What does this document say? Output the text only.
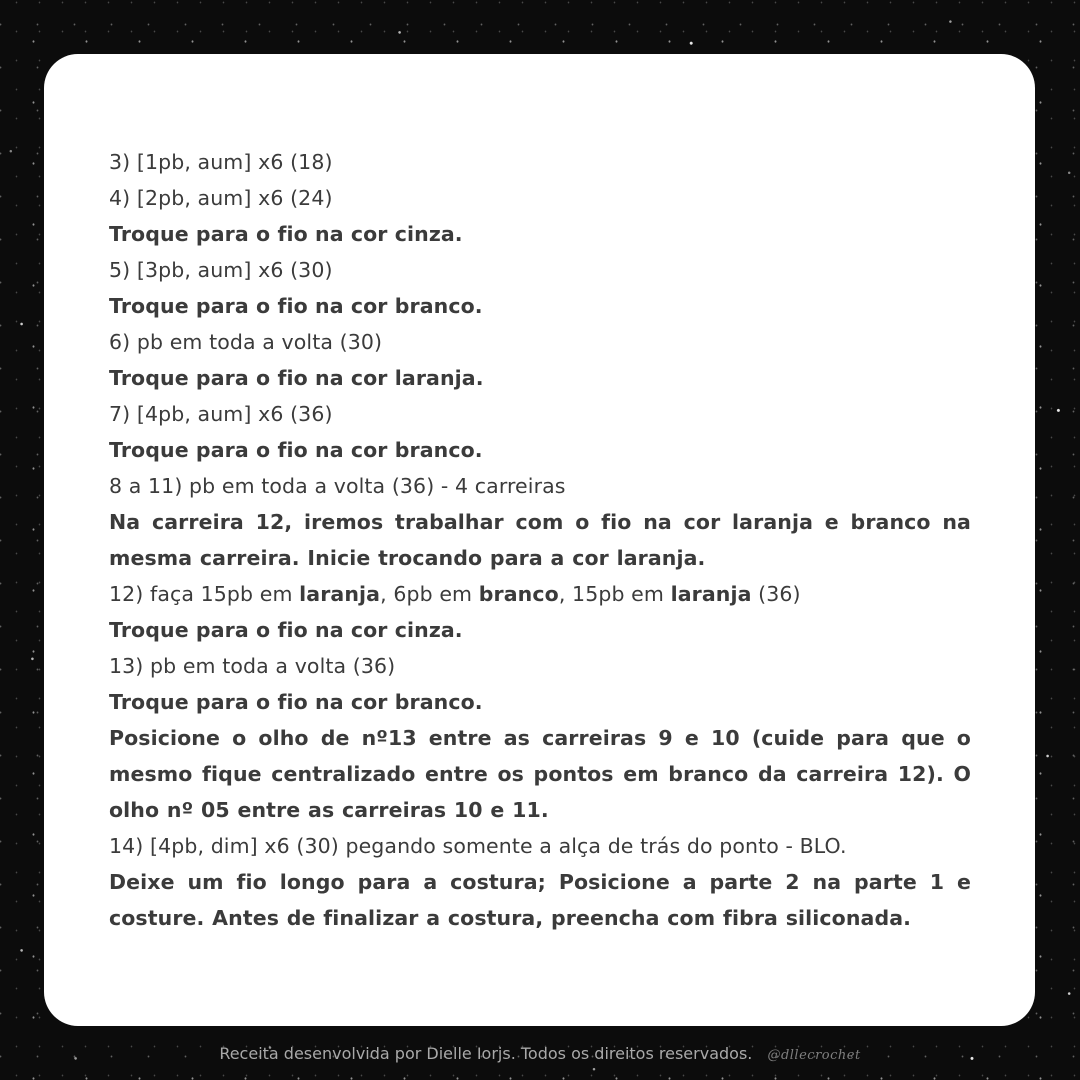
3) [1pb, aum] x6 (18)
4) [2pb, aum] x6 (24)
Troque para o fio na cor cinza.
5) [3pb, aum] x6 (30)
Troque para o fio na cor branco.
6) pb em toda a volta (30)
Troque para o fio na cor laranja.
7) [4pb, aum] x6 (36)
Troque para o fio na cor branco.
8 a 11) pb em toda a volta (36) - 4 carreiras
Na carreira 12, iremos trabalhar com o fio na cor laranja e branco na mesma carreira. Inicie trocando para a cor laranja.
12) faça 15pb em laranja, 6pb em branco, 15pb em laranja (36)
Troque para o fio na cor cinza.
13) pb em toda a volta (36)
Troque para o fio na cor branco.
Posicione o olho de nº13 entre as carreiras 9 e 10 (cuide para que o mesmo fique centralizado entre os pontos em branco da carreira 12). O olho nº 05 entre as carreiras 10 e 11.
14) [4pb, dim] x6 (30) pegando somente a alça de trás do ponto - BLO.
Deixe um fio longo para a costura; Posicione a parte 2 na parte 1 e costure. Antes de finalizar a costura, preencha com fibra siliconada.
Receita desenvolvida por Dielle Iorjs. Todos os direitos reservados. @dllecrochet
